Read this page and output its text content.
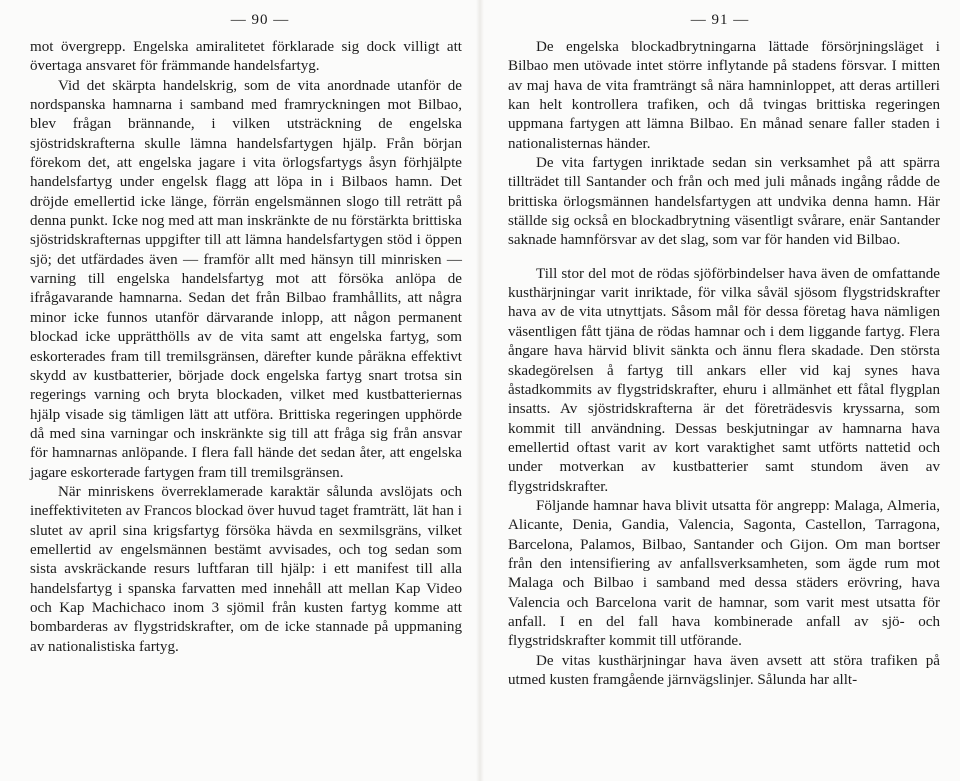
— 90 —

mot övergrepp. Engelska amiralitetet förklarade sig dock villigt att övertaga ansvaret för främmande handelsfartyg.

Vid det skärpta handelskrig, som de vita anordnade utanför de nordspanska hamnarna i samband med framryckningen mot Bilbao, blev frågan brännande, i vilken utsträckning de engelska sjöstridskrafterna skulle lämna handelsfartygen hjälp. Från början förekom det, att engelska jagare i vita örlogsfartygs åsyn förhjälpte handelsfartyg under engelsk flagg att löpa in i Bilbaos hamn. Det dröjde emellertid icke länge, förrän engelsmännen slogo till reträtt på denna punkt. Icke nog med att man inskränkte de nu förstärkta brittiska sjöstridskrafternas uppgifter till att lämna handelsfartygen stöd i öppen sjö; det utfärdades även — framför allt med hänsyn till minrisken — varning till engelska handelsfartyg mot att försöka anlöpa de ifrågavarande hamnarna. Sedan det från Bilbao framhållits, att några minor icke funnos utanför därvarande inlopp, att någon permanent blockad icke upprätthölls av de vita samt att engelska fartyg, som eskorterades fram till tremilsgränsen, därefter kunde påräkna effektivt skydd av kustbatterier, började dock engelska fartyg snart trotsa sin regerings varning och bryta blockaden, vilket med kustbatteriernas hjälp visade sig tämligen lätt att utföra. Brittiska regeringen upphörde då med sina varningar och inskränkte sig till att fråga sig från ansvar för hamnarnas anlöpande. I flera fall hände det sedan åter, att engelska jagare eskorterade fartygen fram till tremilsgränsen.

När minriskens överreklamerade karaktär sålunda avslöjats och ineffektiviteten av Francos blockad över huvud taget framträtt, lät han i slutet av april sina krigsfartyg försöka hävda en sexmilsgräns, vilket emellertid av engelsmännen bestämt avvisades, och tog sedan som sista avskräckande resurs luftfaran till hjälp: i ett manifest till alla handelsfartyg i spanska farvatten med innehåll att mellan Kap Video och Kap Machichaco inom 3 sjömil från kusten fartyg komme att bombarderas av flygstridskrafter, om de icke stannade på uppmaning av nationalistiska fartyg.

— 91 —

De engelska blockadbrytningarna lättade försörjningsläget i Bilbao men utövade intet större inflytande på stadens försvar. I mitten av maj hava de vita framträngt så nära hamninloppet, att deras artilleri kan helt kontrollera trafiken, och då tvingas brittiska regeringen uppmana fartygen att lämna Bilbao. En månad senare faller staden i nationalisternas händer.

De vita fartygen inriktade sedan sin verksamhet på att spärra tillträdet till Santander och från och med juli månads ingång rådde de brittiska örlogsmännen handelsfartygen att undvika denna hamn. Här ställde sig också en blockadbrytning väsentligt svårare, enär Santander saknade hamnförsvar av det slag, som var för handen vid Bilbao.

Till stor del mot de rödas sjöförbindelser hava även de omfattande kusthärjningar varit inriktade, för vilka såväl sjösom flygstridskrafter hava av de vita utnyttjats. Såsom mål för dessa företag hava nämligen väsentligen fått tjäna de rödas hamnar och i dem liggande fartyg. Flera ångare hava härvid blivit sänkta och ännu flera skadade. Den största skadegörelsen å fartyg till ankars eller vid kaj synes hava åstadkommits av flygstridskrafter, ehuru i allmänhet ett fåtal flygplan insatts. Av sjöstridskrafterna är det företrädesvis kryssarna, som kommit till användning. Dessas beskjutningar av hamnarna hava emellertid oftast varit av kort varaktighet samt utförts nattetid och under motverkan av kustbatterier samt stundom även av flygstridskrafter.

Följande hamnar hava blivit utsatta för angrepp: Malaga, Almeria, Alicante, Denia, Gandia, Valencia, Sagonta, Castellon, Tarragona, Barcelona, Palamos, Bilbao, Santander och Gijon. Om man bortser från den intensifiering av anfallsverksamheten, som ägde rum mot Malaga och Bilbao i samband med dessa städers erövring, hava Valencia och Barcelona varit de hamnar, som varit mest utsatta för anfall. I en del fall hava kombinerade anfall av sjö- och flygstridskrafter kommit till utförande.

De vitas kusthärjningar hava även avsett att störa trafiken på utmed kusten framgående järnvägslinjer. Sålunda har allt-
